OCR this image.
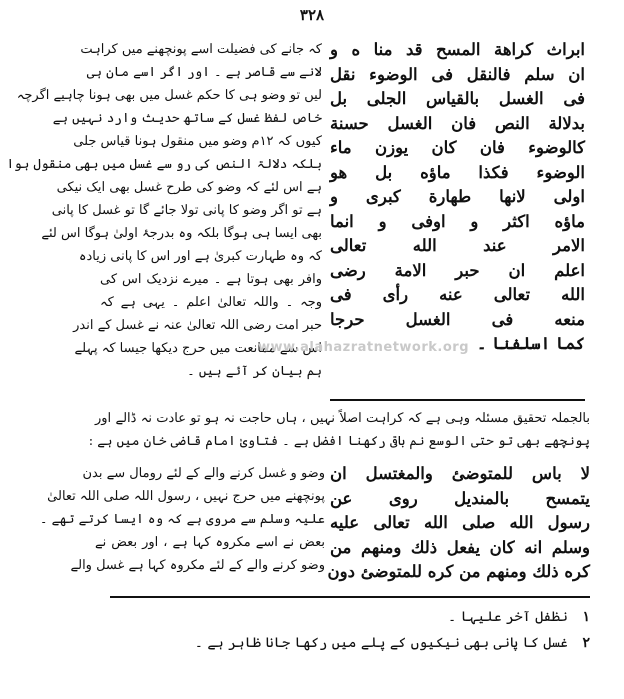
۳۲۸
ابراث كراهة المسح قد منا ه و
ان سلم فالنقل فى الوضوء نقل
فى الغسل بالقياس الجلى بل
بدلالة النص فان الغسل حسنة
كالوضوء فان كان يوزن ماء
الوضوء فكذا ماؤه بل هو
اولى لانها طهارة كبرى و
ماؤه اكثر و اوفى و انما
الامر عند الله تعالى
اعلم ان حبر الامة رضى
الله تعالى عنه رأى فى
منعه فى الغسل حرجا
كما اسلفنا ۔
کہ جانے کی فضیلت اسے پونچھنے میں کراہت
لانے سے قاصر ہے ۔ اور اگر اسے مان ہی
لیں تو وضو ہی کا حکم غسل میں بھی ہونا چاہیے اگرچہ
خاص لفظ غسل کے ساتھ حدیث وارد نہیں ہے
کیوں کہ ۱۲م وضو میں منقول ہونا قیاس جلی
بلکہ دلالۃ النص کی رو سے غسل میں بھی منقول ہوا
ہے اس لئے کہ وضو کی طرح غسل بھی ایک نیکی
ہے تو اگر وضو کا پانی تولا جائے گا تو غسل کا پانی
بھی ایسا ہی ہوگا بلکہ وہ بدرجۂ اولیٰ ہوگا اس لئے
کہ وہ طہارت کبریٰ ہے اور اس کا پانی زیادہ
وافر بھی ہوتا ہے ۔ میرے نزدیک اس کی
وجہ ۔ واللہ تعالیٰ اعلم ۔ یہی ہے کہ
حبر امت رضی اللہ تعالیٰ عنہ نے غسل کے اندر
اس سے ممانعت میں حرج دیکھا جیسا کہ پہلے
ہم بیان کر آئے ہیں ۔
بالجملہ تحقیق مسئلہ وہی ہے کہ کراہت اصلاً نہیں ، ہاں حاجت نہ ہو تو عادت نہ ڈالے اور
پونچھے بھی تو حتی الوسع نم باقی رکھنا افضل ہے ۔ فتاویٰ امام قاضی خان میں ہے :
لا باس للمتوضئ والمغتسل ان
يتمسح بالمنديل روى عن
رسول الله صلى الله تعالى عليه
وسلم انه كان يفعل ذلك ومنهم من
كره ذلك ومنهم من كره للمتوضئ دون
وضو و غسل کرنے والے کے لئے رومال سے بدن
پونچھنے میں حرج نہیں ، رسول اللہ صلی اللہ تعالیٰ
علیہ وسلم سے مروی ہے کہ وہ ایسا کرتے تھے ۔
بعض نے اسے مکروہ کہا ہے ، اور بعض نے
وضو کرنے والے کے لئے مکروہ کہا ہے غسل والے
۱ نظفل آخر علیہا ۔
۲ غسل کا پانی بھی نیکیوں کے پلے میں رکھا جانا ظاہر ہے ۔
www.alahazratnetwork.org
